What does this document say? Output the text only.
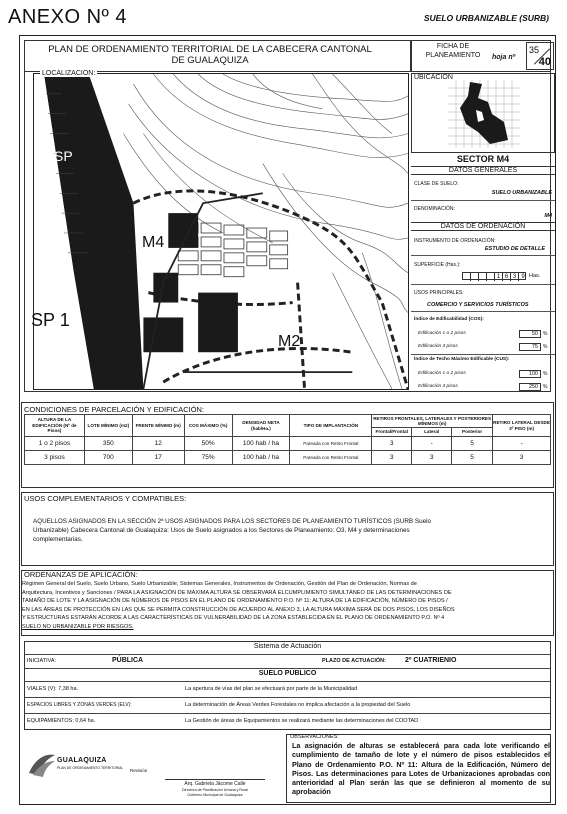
ANEXO Nº 4	SUELO URBANIZABLE (SURB)
PLAN DE ORDENAMIENTO TERRITORIAL DE LA CABECERA CANTONAL
DE GUALAQUIZA
FICHA DE
PLANEAMIENTO	hoja nº
35
40
LOCALIZACION:
M4
M2
SP 1
SP
UBICACION
SECTOR M4
DATOS GENERALES
CLASE DE SUELO:
SUELO URBANIZABLE
DENOMINACIÓN:
M4
DATOS DE ORDENACIÓN
INSTRUMENTO DE ORDENACIÓN:
ESTUDIO DE DETALLE
SUPERFICIE (Has.):
1 6 3 9 Has.
USOS PRINCIPALES:
COMERCIO Y SERVICIOS TURÍSTICOS
Índice de Edificabilidad (COS):
Edificación 1 o 2 pisos	50	%
Edificación 3 pisos	75	%
Índice de Techo Máximo Edificable (CUS):
Edificación 1 o 2 pisos	100	%
Edificación 3 pisos	250	%
CONDICIONES DE PARCELACIÓN Y EDIFICACIÓN:
ALTURA DE LA EDIFICACIÓN (Nº de Pisos)	LOTE MÍNIMO (m2)	FRENTE MÍNIMO (m)	COS MÁXIMO (%)	DENSIDAD NETA (hab/Ha.)	TIPO DE IMPLANTACIÓN	RETIROS FRONTALES, LATERALES Y POSTERIORES MÍNIMOS (m)			RETIRO LATERAL DESDE 3º PISO (m)
						Frontal/Frontal	Lateral	Posterior	
1 o 2 pisos	350	12	50%	100 hab / ha	Pareada con Retiro Frontal	3	-	5	-
3 pisos	700	17	75%	100 hab / ha	Pareada con Retiro Frontal	3	3	5	3
USOS COMPLEMENTARIOS Y COMPATIBLES:
AQUELLOS ASIGNADOS EN LA SECCIÓN 2ª USOS ASIGNADOS PARA LOS SECTORES DE PLANEAMIENTO TURÍSTICOS (SURB Suelo
Urbanizable) Cabecera Cantonal de Gualaquiza: Usos de Suelo asignados a los Sectores de Planeamiento: O3, M4 y determinaciones
complementarias.
ORDENANZAS DE APLICACIÓN:
Régimen General del Suelo, Suelo Urbano, Suelo Urbanizable, Sistemas Generales, Instrumentos de Ordenación, Gestión del Plan de Ordenación, Normas de
Arquitectura, Incentivos y Sanciones / PARA LA ASIGNACIÓN DE MÁXIMA ALTURA SE OBSERVARÁ ELCUMPLIMIENTO SIMULTÁNEO DE LAS DETERMINACIONES DE
TAMAÑO DE LOTE Y LA ASIGNACIÓN DE NÚMEROS DE PISOS EN EL PLANO DE ORDENAMIENTO P.O. Nº 11: ALTURA DE LA EDIFICACIÓN, NÚMERO DE PISOS /
EN LAS ÁREAS DE PROTECCIÓN EN LAS QUE SE PERMITA CONSTRUCCIÓN DE ACUERDO AL ANEXO 3, LA ALTURA MÁXIMA SERÁ DE DOS PISOS, LOS DISEÑOS
Y ESTRUCTURAS ESTARÁN ACORDE A LAS CARACTERÍSTICAS DE VULNERABILIDAD DE LA ZONA ESTABLECIDA EN EL PLANO DE ORDENAMIENTO P.O. Nº 4
SUELO NO URBANIZABLE POR RIESGOS.
Sistema de Actuación
INICIATIVA:	PÚBLICA	PLAZO DE ACTUACIÓN:	2º CUATRIENIO
SUELO PÚBLICO
VIALES (V): 7,38 ha.	La apertura de vías del plan se efectuará por parte de la Municipalidad
ESPACIOS LIBRES Y ZONAS VERDES (ELV):	La determinación de Áreas Verdes Forestales no implica afectación a la propiedad del Suelo
EQUIPAMIENTOS: 0,64 ha.	La Gestión de áreas de Equipamientos se realizará mediante las determinaciones del COOTAD
OBSERVACIONES:
La asignación de alturas se establecerá para cada lote verificando el cumplimiento de tamaño de lote y el número de pisos establecidos el Plano de Ordenamiento P.O. Nº 11: Altura de la Edificación, Número de Pisos. Las determinaciones para Lotes de Urbanizaciones aprobadas con anterioridad al Plan serán las que se definieron al momento de su aprobación
GUALAQUIZA
PLAN DE ORDENAMIENTO TERRITORIAL Revisión
Arq. Gabriela Jácome Calle
Directora de Planificación Urbana y Rural
Gobierno Municipal de Gualaquiza
